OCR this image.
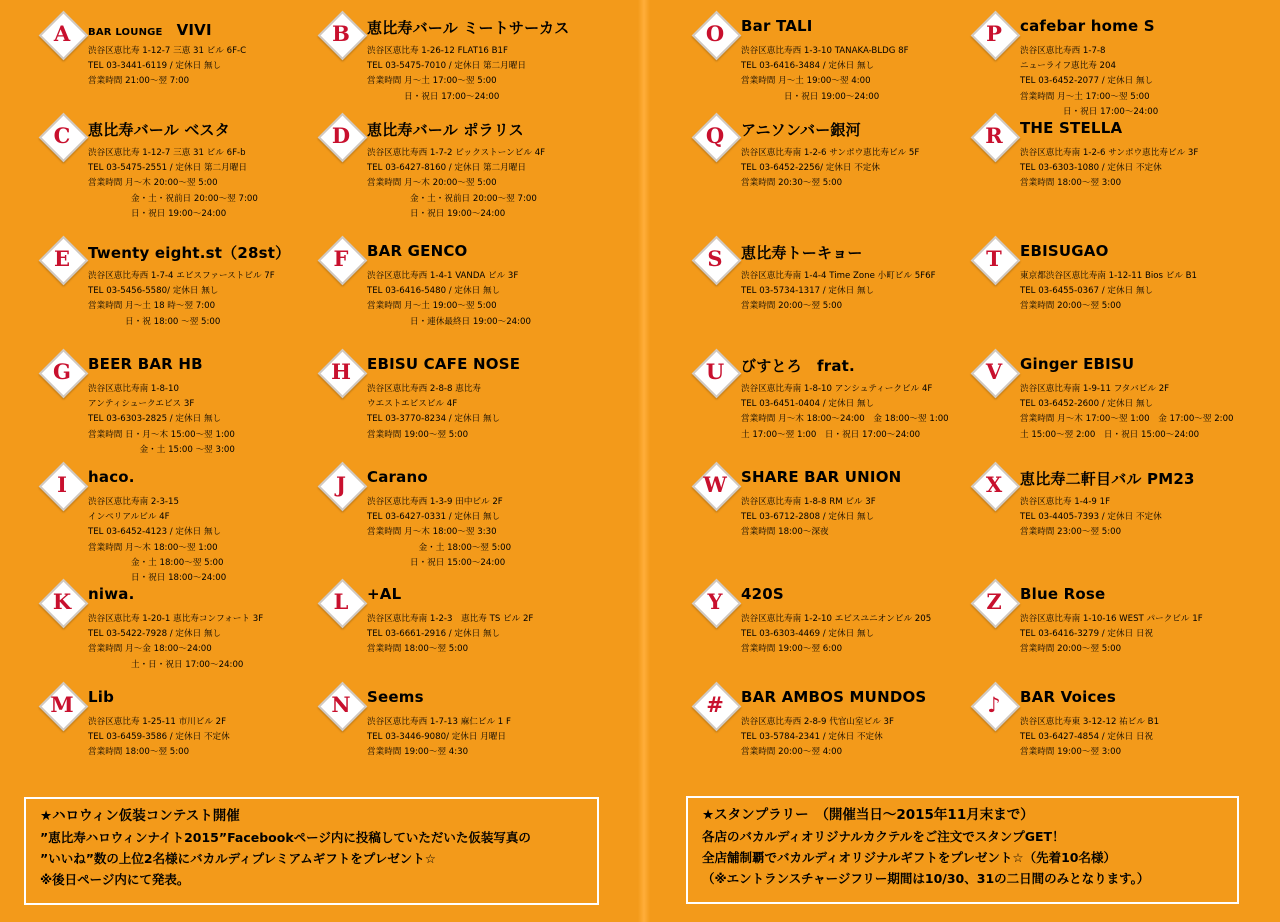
A	BAR LOUNGE VIVI
渋谷区恵比寿 1-12-7 三恵 31 ビル 6F-C
TEL 03-3441-6119 / 定休日 無し
営業時間 21:00～翌 7:00
B	恵比寿バール ミートサーカス
渋谷区恵比寿 1-26-12 FLAT16 B1F
TEL 03-5475-7010 / 定休日 第二月曜日
営業時間 月～土 17:00～翌 5:00
　　　　 日・祝日 17:00～24:00
C	恵比寿バール ベスタ
渋谷区恵比寿 1-12-7 三恵 31 ビル 6F-b
TEL 03-5475-2551 / 定休日 第二月曜日
営業時間 月～木 20:00～翌 5:00
　　　　　金・土・祝前日 20:00～翌 7:00
　　　　　日・祝日 19:00～24:00
D	恵比寿バール ポラリス
渋谷区恵比寿西 1-7-2 ビックストーンビル 4F
TEL 03-6427-8160 / 定休日 第二月曜日
営業時間 月～木 20:00～翌 5:00
　　　　　金・土・祝前日 20:00～翌 7:00
　　　　　日・祝日 19:00～24:00
E	Twenty eight.st（28st）
渋谷区恵比寿西 1-7-4 エビスファーストビル 7F
TEL 03-5456-5580/ 定休日 無し
営業時間 月～土 18 時～翌 7:00
　　　　 日・祝 18:00 ～翌 5:00
F	BAR GENCO
渋谷区恵比寿西 1-4-1 VANDA ビル 3F
TEL 03-6416-5480 / 定休日 無し
営業時間 月～土 19:00～翌 5:00
　　　　　日・連休最終日 19:00～24:00
G	BEER BAR HB
渋谷区恵比寿南 1-8-10
アンティシュークエビス 3F
TEL 03-6303-2825 / 定休日 無し
営業時間 日・月～木 15:00～翌 1:00
　　　　　　金・土 15:00 ～翌 3:00
H	EBISU CAFE NOSE
渋谷区恵比寿西 2-8-8 恵比寿
ウエストエビスビル 4F
TEL 03-3770-8234 / 定休日 無し
営業時間 19:00～翌 5:00
I	haco.
渋谷区恵比寿南 2-3-15
インペリアルビル 4F
TEL 03-6452-4123 / 定休日 無し
営業時間 月～木 18:00～翌 1:00
　　　　　金・土 18:00～翌 5:00
　　　　　日・祝日 18:00～24:00
J	Carano
渋谷区恵比寿西 1-3-9 田中ビル 2F
TEL 03-6427-0331 / 定休日 無し
営業時間 月～木 18:00～翌 3:30
　　　　　　金・土 18:00～翌 5:00
　　　　　日・祝日 15:00～24:00
K	niwa.
渋谷区恵比寿 1-20-1 恵比寿コンフォート 3F
TEL 03-5422-7928 / 定休日 無し
営業時間 月～金 18:00～24:00
　　　　　土・日・祝日 17:00～24:00
L	+AL
渋谷区恵比寿南 1-2-3　恵比寿 TS ビル 2F
TEL 03-6661-2916 / 定休日 無し
営業時間 18:00～翌 5:00
M Lib
渋谷区恵比寿 1-25-11 市川ビル 2F
TEL 03-6459-3586 / 定休日 不定休
営業時間 18:00～翌 5:00
N	Seems
渋谷区恵比寿西 1-7-13 麻仁ビル 1 F
TEL 03-3446-9080/ 定休日 月曜日
営業時間 19:00～翌 4:30
O	Bar TALI
渋谷区恵比寿西 1-3-10 TANAKA-BLDG 8F
TEL 03-6416-3484 / 定休日 無し
営業時間 月～土 19:00～翌 4:00
　　　　　日・祝日 19:00～24:00
P	cafebar home S
渋谷区恵比寿西 1-7-8
ニューライフ恵比寿 204
TEL 03-6452-2077 / 定休日 無し
営業時間 月～土 17:00～翌 5:00
　　　　　日・祝日 17:00～24:00
Q	アニソンバー銀河
渋谷区恵比寿南 1-2-6 サンポウ恵比寿ビル 5F
TEL 03-6452-2256/ 定休日 不定休
営業時間 20:30～翌 5:00
R	THE STELLA
渋谷区恵比寿南 1-2-6 サンポウ恵比寿ビル 3F
TEL 03-6303-1080 / 定休日 不定休
営業時間 18:00～翌 3:00
S	恵比寿トーキョー
渋谷区恵比寿南 1-4-4 Time Zone 小町ビル 5F6F
TEL 03-5734-1317 / 定休日 無し
営業時間 20:00～翌 5:00
T	EBISUGAO
東京都渋谷区恵比寿南 1-12-11 Bios ビル B1
TEL 03-6455-0367 / 定休日 無し
営業時間 20:00～翌 5:00
U	びすとろ　frat.
渋谷区恵比寿南 1-8-10 アンシュティークビル 4F
TEL 03-6451-0404 / 定休日 無し
営業時間 月～木 18:00～24:00　金 18:00～翌 1:00
土 17:00～翌 1:00　日・祝日 17:00～24:00
V	Ginger EBISU
渋谷区恵比寿南 1-9-11 フタバビル 2F
TEL 03-6452-2600 / 定休日 無し
営業時間 月～木 17:00～翌 1:00　金 17:00～翌 2:00
土 15:00～翌 2:00　日・祝日 15:00～24:00
W SHARE BAR UNION
渋谷区恵比寿南 1-8-8 RM ビル 3F
TEL 03-6712-2808 / 定休日 無し
営業時間 18:00～深夜
X	恵比寿二軒目バル PM23
渋谷区恵比寿 1-4-9 1F
TEL 03-4405-7393 / 定休日 不定休
営業時間 23:00～翌 5:00
Y	420S
渋谷区恵比寿南 1-2-10 エビスユニオンビル 205
TEL 03-6303-4469 / 定休日 無し
営業時間 19:00～翌 6:00
Z	Blue Rose
渋谷区恵比寿南 1-10-16 WEST パークビル 1F
TEL 03-6416-3279 / 定休日 日祝
営業時間 20:00～翌 5:00
#	BAR AMBOS MUNDOS
渋谷区恵比寿西 2-8-9 代官山室ビル 3F
TEL 03-5784-2341 / 定休日 不定休
営業時間 20:00～翌 4:00
♪	BAR Voices
渋谷区恵比寿東 3-12-12 祐ビル B1
TEL 03-6427-4854 / 定休日 日祝
営業時間 19:00～翌 3:00
★ハロウィン仮装コンテスト開催
”恵比寿ハロウィンナイト2015”Facebookページ内に投稿していただいた仮装写真の
”いいね”数の上位2名様にバカルディプレミアムギフトをプレゼント☆
※後日ページ内にて発表。
★スタンプラリー　（開催当日～2015年11月末まで）
各店のバカルディオリジナルカクテルをご注文でスタンプGET！
全店舗制覇でバカルディオリジナルギフトをプレゼント☆（先着10名様）
（※エントランスチャージフリー期間は10/30、31の二日間のみとなります。）
